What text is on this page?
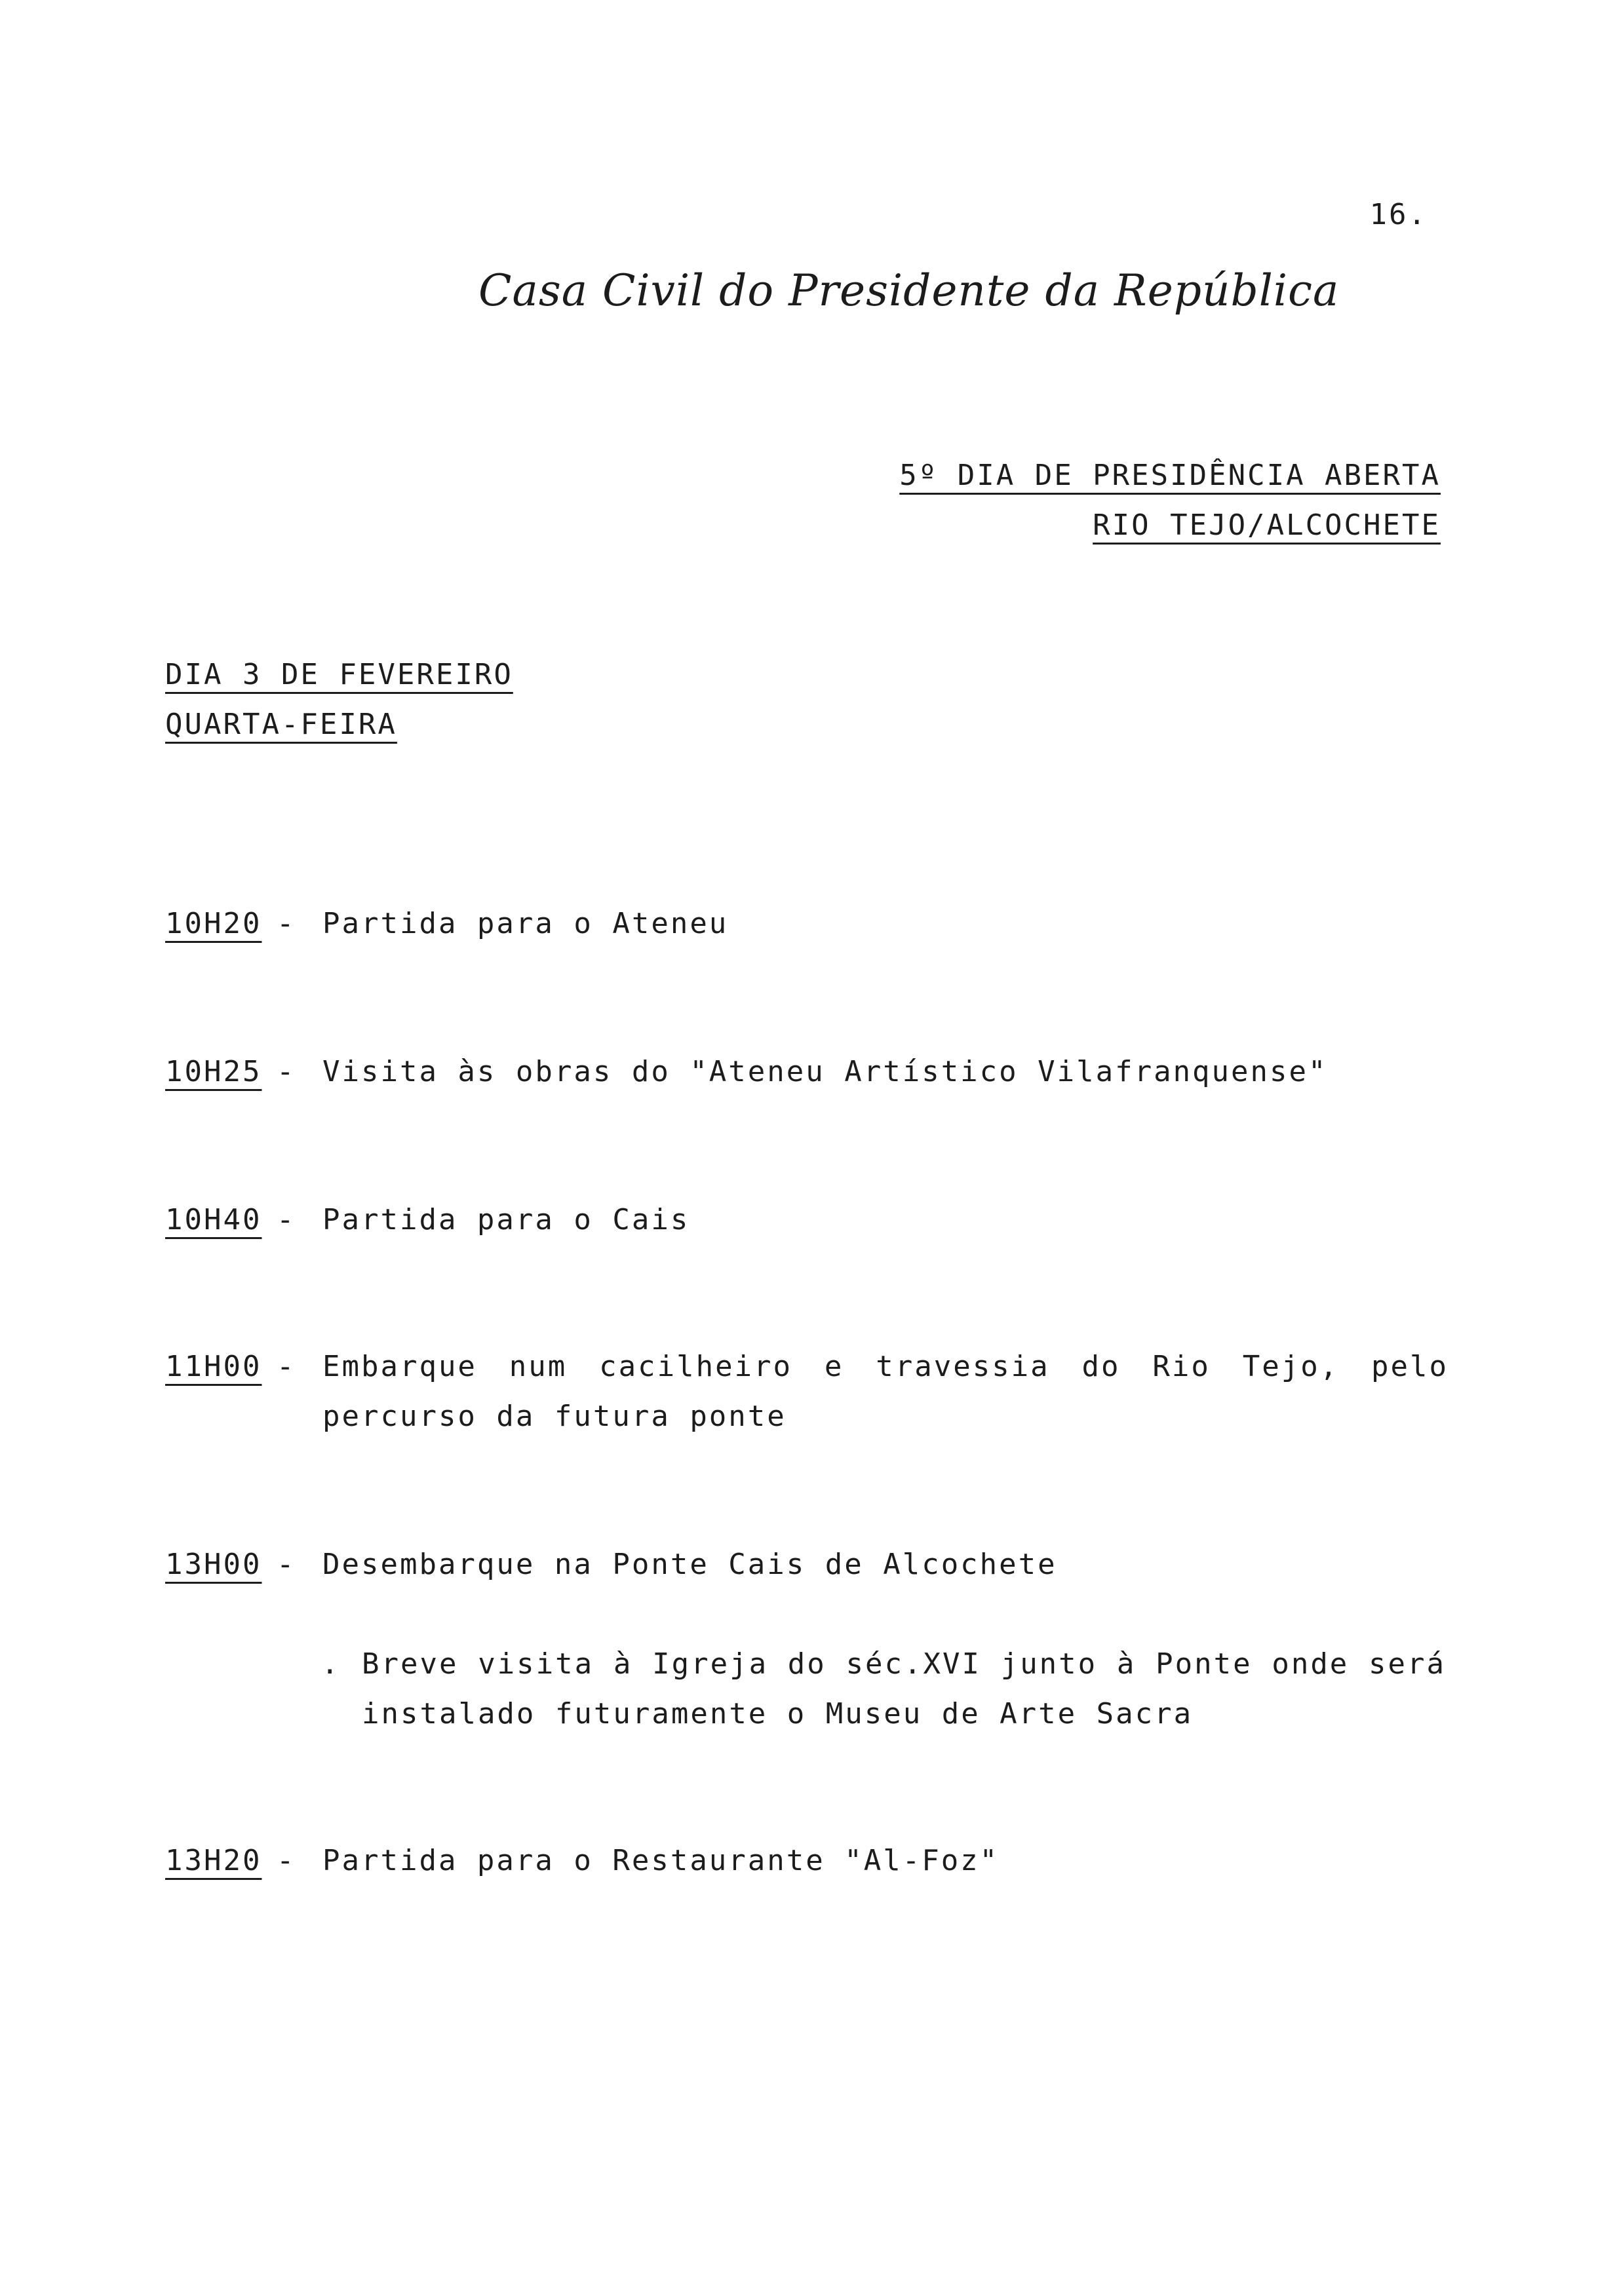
16.
Casa Civil do Presidente da República
5º DIA DE PRESIDÊNCIA ABERTA
RIO TEJO/ALCOCHETE
DIA 3 DE FEVEREIRO
QUARTA-FEIRA
10H20 - Partida para o Ateneu
10H25 - Visita às obras do "Ateneu Artístico Vilafranquense"
10H40 - Partida para o Cais
11H00 - Embarque num cacilheiro e travessia do Rio Tejo, pelo percurso da futura ponte
13H00 - Desembarque na Ponte Cais de Alcochete
. Breve visita à Igreja do séc.XVI junto à Ponte onde será instalado futuramente o Museu de Arte Sacra
13H20 - Partida para o Restaurante "Al-Foz"
